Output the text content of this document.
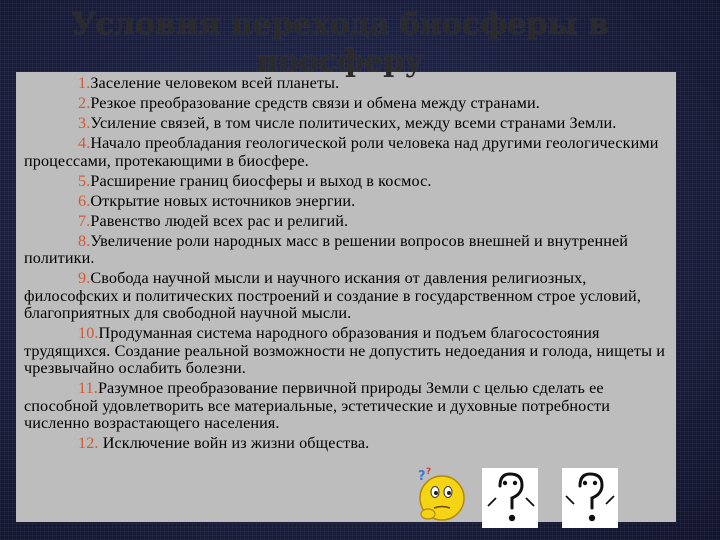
Условия перехода биосферы в ноосферу
1.Заселение человеком всей планеты.
2.Резкое преобразование средств связи и обмена между странами.
3.Усиление связей, в том числе политических, между всеми странами Земли.
4.Начало преобладания геологической роли человека над другими геологическими процессами, протекающими в биосфере.
5.Расширение границ биосферы и выход в космос.
6.Открытие новых источников энергии.
7.Равенство людей всех рас и религий.
8.Увеличение роли народных масс в решении вопросов внешней и внутренней политики.
9.Свобода научной мысли и научного искания от давления религиозных, философских и политических построений и создание в государственном строе условий, благоприятных для свободной научной мысли.
10.Продуманная система народного образования и подъем благосостояния трудящихся. Создание реальной возможности не допустить недоедания и голода, нищеты и чрезвычайно ослабить болезни.
11.Разумное преобразование первичной природы Земли с целью сделать ее способной удовлетворить все материальные, эстетические и духовные потребности численно возрастающего населения.
12. Исключение войн из жизни общества.
? ?
